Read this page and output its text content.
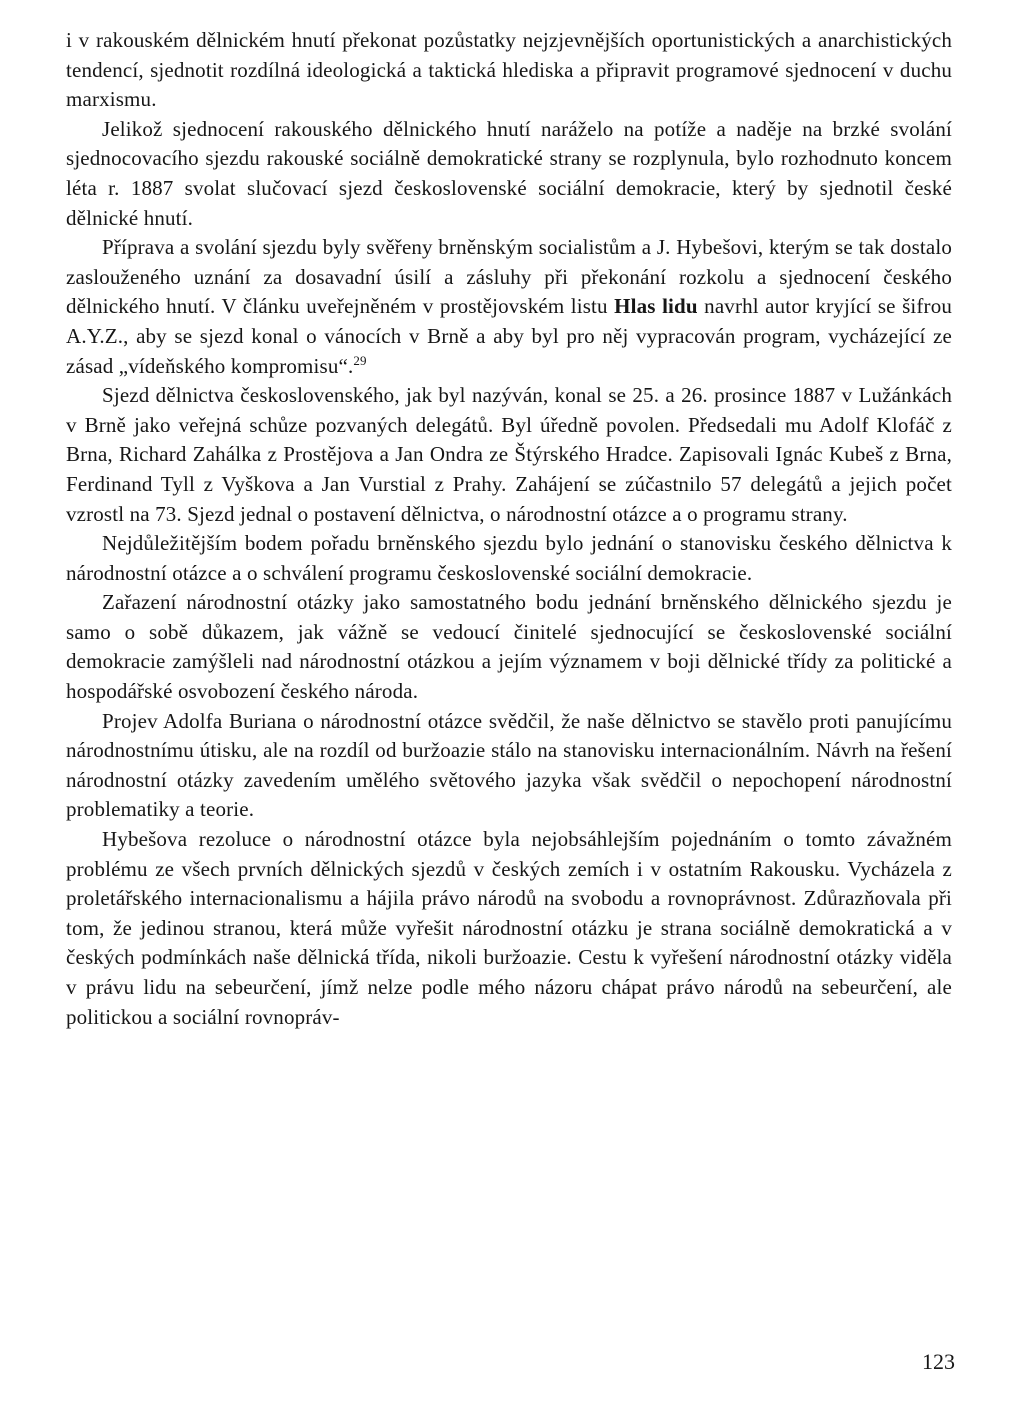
i v rakouském dělnickém hnutí překonat pozůstatky nejzjevnějších oportunistických a anarchistických tendencí, sjednotit rozdílná ideologická a taktická hlediska a připravit programové sjednocení v duchu marxismu.

Jelikož sjednocení rakouského dělnického hnutí naráželo na potíže a naděje na brzké svolání sjednocovacího sjezdu rakouské sociálně demokratické strany se rozplynula, bylo rozhodnuto koncem léta r. 1887 svolat slučovací sjezd československé sociální demokracie, který by sjednotil české dělnické hnutí.

Příprava a svolání sjezdu byly svěřeny brněnským socialistům a J. Hybešovi, kterým se tak dostalo zaslouženého uznání za dosavadní úsilí a zásluhy při překonání rozkolu a sjednocení českého dělnického hnutí. V článku uveřejněném v prostějovském listu Hlas lidu navrhl autor kryjící se šifrou A.Y.Z., aby se sjezd konal o vánocích v Brně a aby byl pro něj vypracován program, vycházející ze zásad „vídeňského kompromisu“.$^{29}$

Sjezd dělnictva československého, jak byl nazýván, konal se 25. a 26. prosince 1887 v Lužánkách v Brně jako veřejná schůze pozvaných delegátů. Byl úředně povolen. Předsedali mu Adolf Klofáč z Brna, Richard Zahálka z Prostějova a Jan Ondra ze Štýrského Hradce. Zapisovali Ignác Kubeš z Brna, Ferdinand Tyll z Vyškova a Jan Vurstial z Prahy. Zahájení se zúčastnilo 57 delegátů a jejich počet vzrostl na 73. Sjezd jednal o postavení dělnictva, o národnostní otázce a o programu strany.

Nejdůležitějším bodem pořadu brněnského sjezdu bylo jednání o stanovisku českého dělnictva k národnostní otázce a o schválení programu československé sociální demokracie.

Zařazení národnostní otázky jako samostatného bodu jednání brněnského dělnického sjezdu je samo o sobě důkazem, jak vážně se vedoucí činitelé sjednocující se československé sociální demokracie zamýšleli nad národnostní otázkou a jejím významem v boji dělnické třídy za politické a hospodářské osvobození českého národa.

Projev Adolfa Buriana o národnostní otázce svědčil, že naše dělnictvo se stavělo proti panujícímu národnostnímu útisku, ale na rozdíl od buržoazie stálo na stanovisku internacionálním. Návrh na řešení národnostní otázky zavedením umělého světového jazyka však svědčil o nepochopení národnostní problematiky a teorie.

Hybešova rezoluce o národnostní otázce byla nejobsáhlejším pojednáním o tomto závažném problému ze všech prvních dělnických sjezdů v českých zemích i v ostatním Rakousku. Vycházela z proletářského internacionalismu a hájila právo národů na svobodu a rovnoprávnost. Zdůrazňovala při tom, že jedinou stranou, která může vyřešit národnostní otázku je strana sociálně demokratická a v českých podmínkách naše dělnická třída, nikoli buržoazie. Cestu k vyřešení národnostní otázky viděla v právu lidu na sebeurčení, jímž nelze podle mého názoru chápat právo národů na sebeurčení, ale politickou a sociální rovnopráv-

123
